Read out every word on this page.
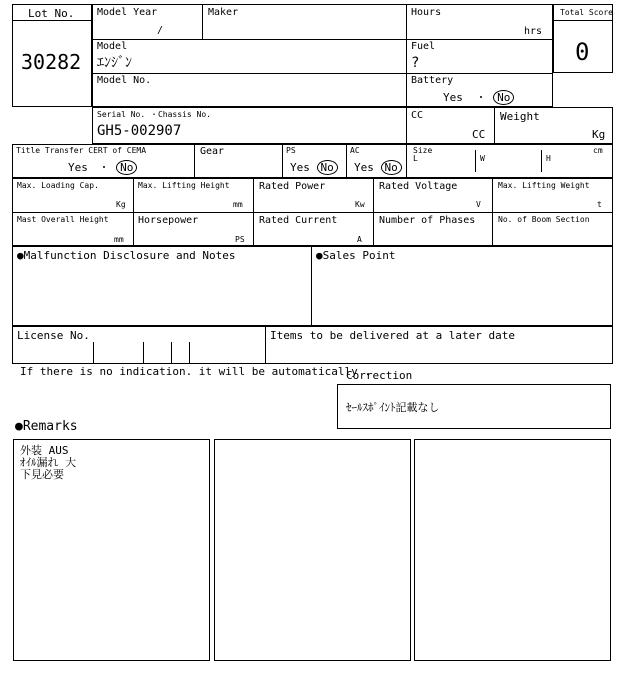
Lot No.
30282
Model Year
/
Maker	Hours
hrs
Model
ｴﾝｼﾞﾝ
Fuel
?
Model No.	Battery
Yes ・ No
Total Score
0
Serial No. ・Chassis No.
GH5-002907
CC
CC
Weight
Kg
Title Transfer CERT of CEMA
Yes ・ No
Gear	PS
Yes No
AC
Yes No
Size
L	W	H
cm
Max. Loading Cap.
Kg
Max. Lifting Height
mm
Rated Power
Kw
Rated Voltage
V
Max. Lifting Weight
t
Mast Overall Height
mm
Horsepower
PS
Rated Current
A
Number of Phases	No. of Boom Section
●Malfunction Disclosure and Notes	●Sales Point
License No.	Items to be delivered at a later date
If there is no indication. it will be automatically .
Correction
ｾｰﾙｽﾎﾟｲﾝﾄ記載なし
●Remarks
外装 AUS
ｵｲﾙ漏れ 大
下見必要
